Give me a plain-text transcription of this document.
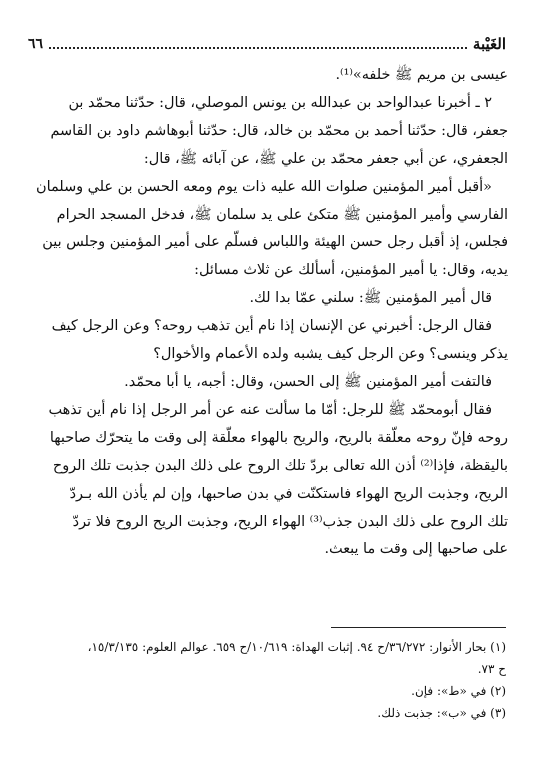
الغَيْبة
٦٦

عيسى بن مريم ﷺ خلفه»⁽¹⁾.

٢ ـ أخبرنا عبدالواحد بن عبدالله بن يونس الموصلي، قال: حدّثنا محمّد بن

جعفر، قال: حدّثنا أحمد بن محمّد بن خالد، قال: حدّثنا أبوهاشم داود بن القاسم

الجعفري، عن أبي جعفر محمّد بن علي ﷺ، عن آبائه ﷺ، قال:

«أقبل أمير المؤمنين صلوات الله عليه ذات يوم ومعه الحسن بن علي وسلمان

الفارسي وأمير المؤمنين ﷺ متكئ على يد سلمان ﷺ، فدخل المسجد الحرام

فجلس، إذ أقبل رجل حسن الهيئة واللباس فسلّم على أمير المؤمنين وجلس بين

يديه، وقال: يا أمير المؤمنين، أسألك عن ثلاث مسائل:

قال أمير المؤمنين ﷺ: سلني عمّا بدا لك.

فقال الرجل: أخبرني عن الإنسان إذا نام أين تذهب روحه؟ وعن الرجل كيف

يذكر وينسى؟ وعن الرجل كيف يشبه ولده الأعمام والأخوال؟

فالتفت أمير المؤمنين ﷺ إلى الحسن، وقال: أجبه، يا أبا محمّد.

فقال أبومحمّد ﷺ للرجل: أمّا ما سألت عنه عن أمر الرجل إذا نام أين تذهب

روحه فإنّ روحه معلّقة بالريح، والريح بالهواء معلّقة إلى وقت ما يتحرّك صاحبها

باليقظة، فإذا⁽²⁾ أذن الله تعالى بردّ تلك الروح على ذلك البدن جذبت تلك الروح

الريح، وجذبت الريح الهواء فاستكنّت في بدن صاحبها، وإن لم يأذن الله بـردّ

تلك الروح على ذلك البدن جذب⁽³⁾ الهواء الريح، وجذبت الريح الروح فلا تردّ

على صاحبها إلى وقت ما يبعث.

(١) بحار الأنوار: ٣٦/٢٧٢/ح ٩٤. إثبات الهداة: ١٠/٦١٩/ح ٦٥٩. عوالم العلوم: ١٥/٣/١٣٥،

ح ٧٣.

(٢) في «ط»: فإن.

(٣) في «ب»: جذبت ذلك.
